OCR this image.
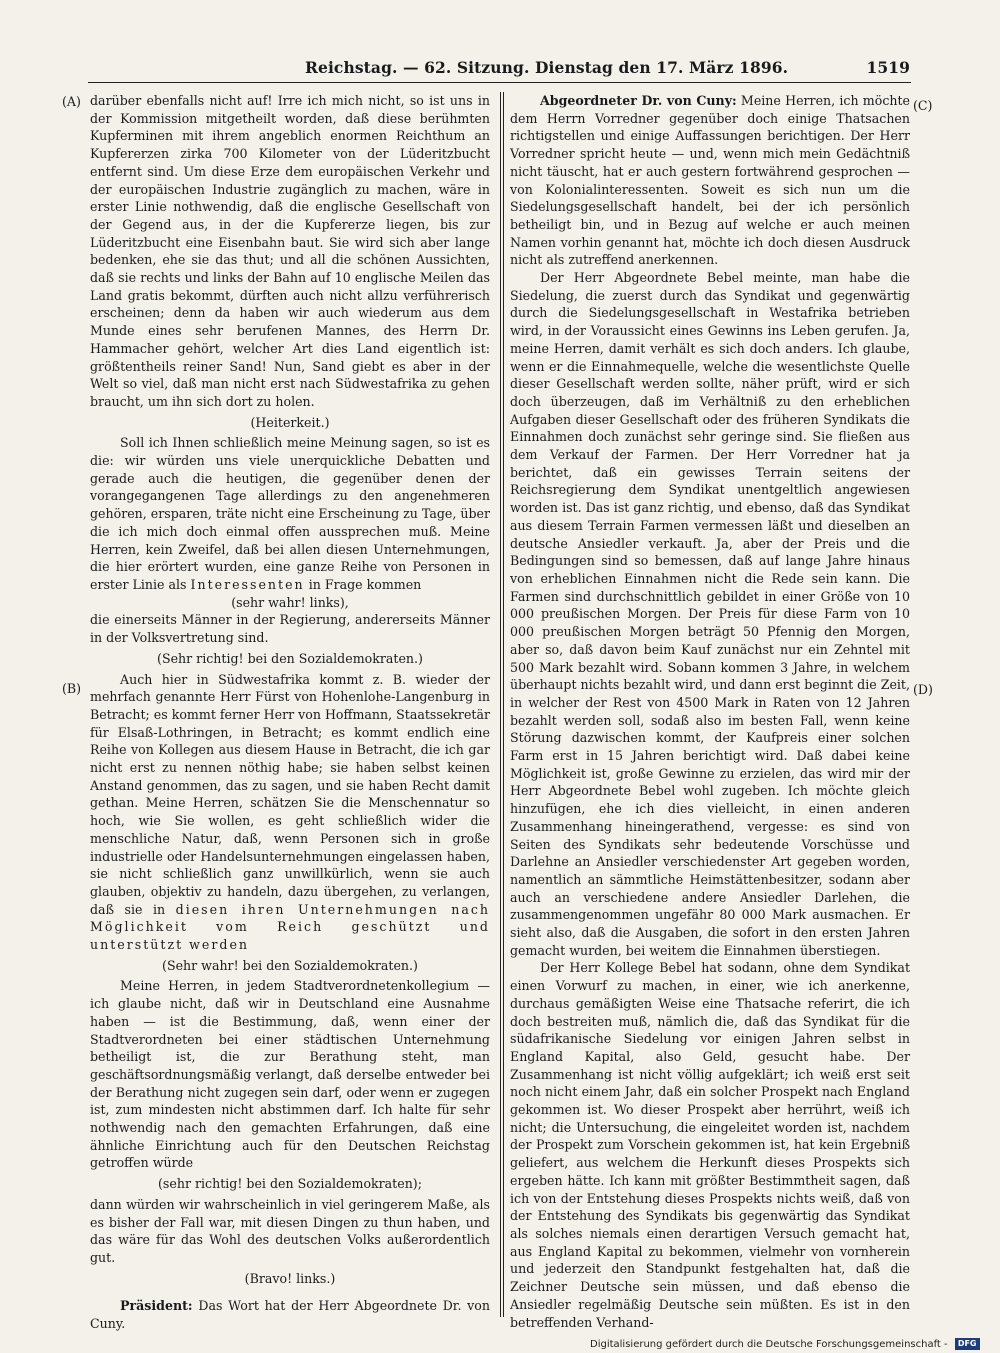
Reichstag. — 62. Sitzung. Dienstag den 17. März 1896.	1519
(A)
(B)
(C)
(D)

darüber ebenfalls nicht auf! Irre ich mich nicht, so ist uns in der Kommission mitgetheilt worden, daß diese berühmten Kupferminen mit ihrem angeblich enormen Reichthum an Kupfererzen zirka 700 Kilometer von der Lüderitzbucht entfernt sind. Um diese Erze dem europäischen Verkehr und der europäischen Industrie zugänglich zu machen, wäre in erster Linie nothwendig, daß die englische Gesellschaft von der Gegend aus, in der die Kupfererze liegen, bis zur Lüderitzbucht eine Eisenbahn baut. Sie wird sich aber lange bedenken, ehe sie das thut; und all die schönen Aussichten, daß sie rechts und links der Bahn auf 10 englische Meilen das Land gratis bekommt, dürften auch nicht allzu verführerisch erscheinen; denn da haben wir auch wiederum aus dem Munde eines sehr berufenen Mannes, des Herrn Dr. Hammacher gehört, welcher Art dies Land eigentlich ist: größtentheils reiner Sand! Nun, Sand giebt es aber in der Welt so viel, daß man nicht erst nach Südwestafrika zu gehen braucht, um ihn sich dort zu holen.

(Heiterkeit.)

Soll ich Ihnen schließlich meine Meinung sagen, so ist es die: wir würden uns viele unerquickliche Debatten und gerade auch die heutigen, die gegenüber denen der vorangegangenen Tage allerdings zu den angenehmeren gehören, ersparen, träte nicht eine Erscheinung zu Tage, über die ich mich doch einmal offen aussprechen muß. Meine Herren, kein Zweifel, daß bei allen diesen Unternehmungen, die hier erörtert wurden, eine ganze Reihe von Personen in erster Linie als Interessenten in Frage kommen

(sehr wahr! links),

die einerseits Männer in der Regierung, andererseits Männer in der Volksvertretung sind.

(Sehr richtig! bei den Sozialdemokraten.)

Auch hier in Südwestafrika kommt z. B. wieder der mehrfach genannte Herr Fürst von Hohenlohe-Langenburg in Betracht; es kommt ferner Herr von Hoffmann, Staatssekretär für Elsaß-Lothringen, in Betracht; es kommt endlich eine Reihe von Kollegen aus diesem Hause in Betracht, die ich gar nicht erst zu nennen nöthig habe; sie haben selbst keinen Anstand genommen, das zu sagen, und sie haben Recht damit gethan. Meine Herren, schätzen Sie die Menschennatur so hoch, wie Sie wollen, es geht schließlich wider die menschliche Natur, daß, wenn Personen sich in große industrielle oder Handelsunternehmungen eingelassen haben, sie nicht schließlich ganz unwillkürlich, wenn sie auch glauben, objektiv zu handeln, dazu übergehen, zu verlangen, daß sie in diesen ihren Unternehmungen nach Möglichkeit vom Reich geschützt und unterstützt werden

(Sehr wahr! bei den Sozialdemokraten.)

Meine Herren, in jedem Stadtverordnetenkollegium — ich glaube nicht, daß wir in Deutschland eine Ausnahme haben — ist die Bestimmung, daß, wenn einer der Stadtverordneten bei einer städtischen Unternehmung betheiligt ist, die zur Berathung steht, man geschäftsordnungsmäßig verlangt, daß derselbe entweder bei der Berathung nicht zugegen sein darf, oder wenn er zugegen ist, zum mindesten nicht abstimmen darf. Ich halte für sehr nothwendig nach den gemachten Erfahrungen, daß eine ähnliche Einrichtung auch für den Deutschen Reichstag getroffen würde

(sehr richtig! bei den Sozialdemokraten);

dann würden wir wahrscheinlich in viel geringerem Maße, als es bisher der Fall war, mit diesen Dingen zu thun haben, und das wäre für das Wohl des deutschen Volks außerordentlich gut.

(Bravo! links.)

Präsident: Das Wort hat der Herr Abgeordnete Dr. von Cuny.

Abgeordneter Dr. von Cuny: Meine Herren, ich möchte dem Herrn Vorredner gegenüber doch einige Thatsachen richtigstellen und einige Auffassungen berichtigen. Der Herr Vorredner spricht heute — und, wenn mich mein Gedächtniß nicht täuscht, hat er auch gestern fortwährend gesprochen — von Kolonialinteressenten. Soweit es sich nun um die Siedelungsgesellschaft handelt, bei der ich persönlich betheiligt bin, und in Bezug auf welche er auch meinen Namen vorhin genannt hat, möchte ich doch diesen Ausdruck nicht als zutreffend anerkennen.

Der Herr Abgeordnete Bebel meinte, man habe die Siedelung, die zuerst durch das Syndikat und gegenwärtig durch die Siedelungsgesellschaft in Westafrika betrieben wird, in der Voraussicht eines Gewinns ins Leben gerufen. Ja, meine Herren, damit verhält es sich doch anders. Ich glaube, wenn er die Einnahmequelle, welche die wesentlichste Quelle dieser Gesellschaft werden sollte, näher prüft, wird er sich doch überzeugen, daß im Verhältniß zu den erheblichen Aufgaben dieser Gesellschaft oder des früheren Syndikats die Einnahmen doch zunächst sehr geringe sind. Sie fließen aus dem Verkauf der Farmen. Der Herr Vorredner hat ja berichtet, daß ein gewisses Terrain seitens der Reichsregierung dem Syndikat unentgeltlich angewiesen worden ist. Das ist ganz richtig, und ebenso, daß das Syndikat aus diesem Terrain Farmen vermessen läßt und dieselben an deutsche Ansiedler verkauft. Ja, aber der Preis und die Bedingungen sind so bemessen, daß auf lange Jahre hinaus von erheblichen Einnahmen nicht die Rede sein kann. Die Farmen sind durchschnittlich gebildet in einer Größe von 10 000 preußischen Morgen. Der Preis für diese Farm von 10 000 preußischen Morgen beträgt 50 Pfennig den Morgen, aber so, daß davon beim Kauf zunächst nur ein Zehntel mit 500 Mark bezahlt wird. Sobann kommen 3 Jahre, in welchem überhaupt nichts bezahlt wird, und dann erst beginnt die Zeit, in welcher der Rest von 4500 Mark in Raten von 12 Jahren bezahlt werden soll, sodaß also im besten Fall, wenn keine Störung dazwischen kommt, der Kaufpreis einer solchen Farm erst in 15 Jahren berichtigt wird. Daß dabei keine Möglichkeit ist, große Gewinne zu erzielen, das wird mir der Herr Abgeordnete Bebel wohl zugeben. Ich möchte gleich hinzufügen, ehe ich dies vielleicht, in einen anderen Zusammenhang hineingerathend, vergesse: es sind von Seiten des Syndikats sehr bedeutende Vorschüsse und Darlehne an Ansiedler verschiedenster Art gegeben worden, namentlich an sämmtliche Heimstättenbesitzer, sodann aber auch an verschiedene andere Ansiedler Darlehen, die zusammengenommen ungefähr 80 000 Mark ausmachen. Er sieht also, daß die Ausgaben, die sofort in den ersten Jahren gemacht wurden, bei weitem die Einnahmen überstiegen.

Der Herr Kollege Bebel hat sodann, ohne dem Syndikat einen Vorwurf zu machen, in einer, wie ich anerkenne, durchaus gemäßigten Weise eine Thatsache referirt, die ich doch bestreiten muß, nämlich die, daß das Syndikat für die südafrikanische Siedelung vor einigen Jahren selbst in England Kapital, also Geld, gesucht habe. Der Zusammenhang ist nicht völlig aufgeklärt; ich weiß erst seit noch nicht einem Jahr, daß ein solcher Prospekt nach England gekommen ist. Wo dieser Prospekt aber herrührt, weiß ich nicht; die Untersuchung, die eingeleitet worden ist, nachdem der Prospekt zum Vorschein gekommen ist, hat kein Ergebniß geliefert, aus welchem die Herkunft dieses Prospekts sich ergeben hätte. Ich kann mit größter Bestimmtheit sagen, daß ich von der Entstehung dieses Prospekts nichts weiß, daß von der Entstehung des Syndikats bis gegenwärtig das Syndikat als solches niemals einen derartigen Versuch gemacht hat, aus England Kapital zu bekommen, vielmehr von vornherein und jederzeit den Standpunkt festgehalten hat, daß die Zeichner Deutsche sein müssen, und daß ebenso die Ansiedler regelmäßig Deutsche sein müßten. Es ist in den betreffenden Verhand-

Digitalisierung gefördert durch die Deutsche Forschungsgemeinschaft - DFG
